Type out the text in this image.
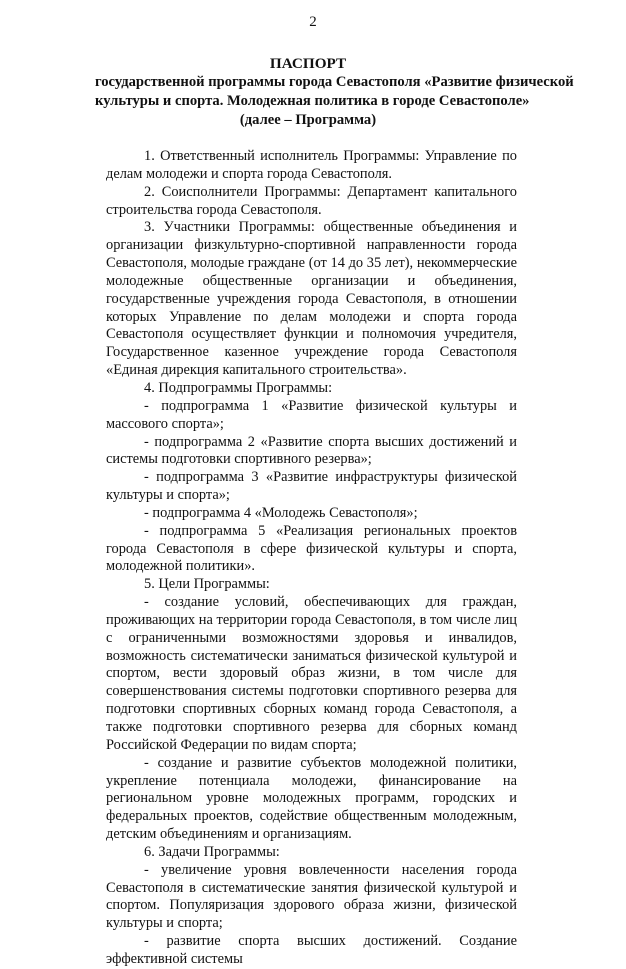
2
ПАСПОРТ
государственной программы города Севастополя «Развитие физической
культуры и спорта. Молодежная политика в городе Севастополе»
(далее – Программа)

1. Ответственный исполнитель Программы: Управление по делам молодежи и спорта города Севастополя.

2. Соисполнители Программы: Департамент капитального строительства города Севастополя.

3. Участники Программы: общественные объединения и организации физкультурно-спортивной направленности города Севастополя, молодые граждане (от 14 до 35 лет), некоммерческие молодежные общественные организации и объединения, государственные учреждения города Севастополя, в отношении которых Управление по делам молодежи и спорта города Севастополя осуществляет функции и полномочия учредителя, Государственное казенное учреждение города Севастополя «Единая дирекция капитального строительства».

4. Подпрограммы Программы:

- подпрограмма 1 «Развитие физической культуры и массового спорта»;

- подпрограмма 2 «Развитие спорта высших достижений и системы подготовки спортивного резерва»;

- подпрограмма 3 «Развитие инфраструктуры физической культуры и спорта»;

- подпрограмма 4 «Молодежь Севастополя»;

- подпрограмма 5 «Реализация региональных проектов города Севастополя в сфере физической культуры и спорта, молодежной политики».

5. Цели Программы:

- создание условий, обеспечивающих для граждан, проживающих на территории города Севастополя, в том числе лиц с ограниченными возможностями здоровья и инвалидов, возможность систематически заниматься физической культурой и спортом, вести здоровый образ жизни, в том числе для совершенствования системы подготовки спортивного резерва для подготовки спортивных сборных команд города Севастополя, а также подготовки спортивного резерва для сборных команд Российской Федерации по видам спорта;

- создание и развитие субъектов молодежной политики, укрепление потенциала молодежи, финансирование на региональном уровне молодежных программ, городских и федеральных проектов, содействие общественным молодежным, детским объединениям и организациям.

6. Задачи Программы:

- увеличение уровня вовлеченности населения города Севастополя в систематические занятия физической культурой и спортом. Популяризация здорового образа жизни, физической культуры и спорта;

- развитие спорта высших достижений. Создание эффективной системы
